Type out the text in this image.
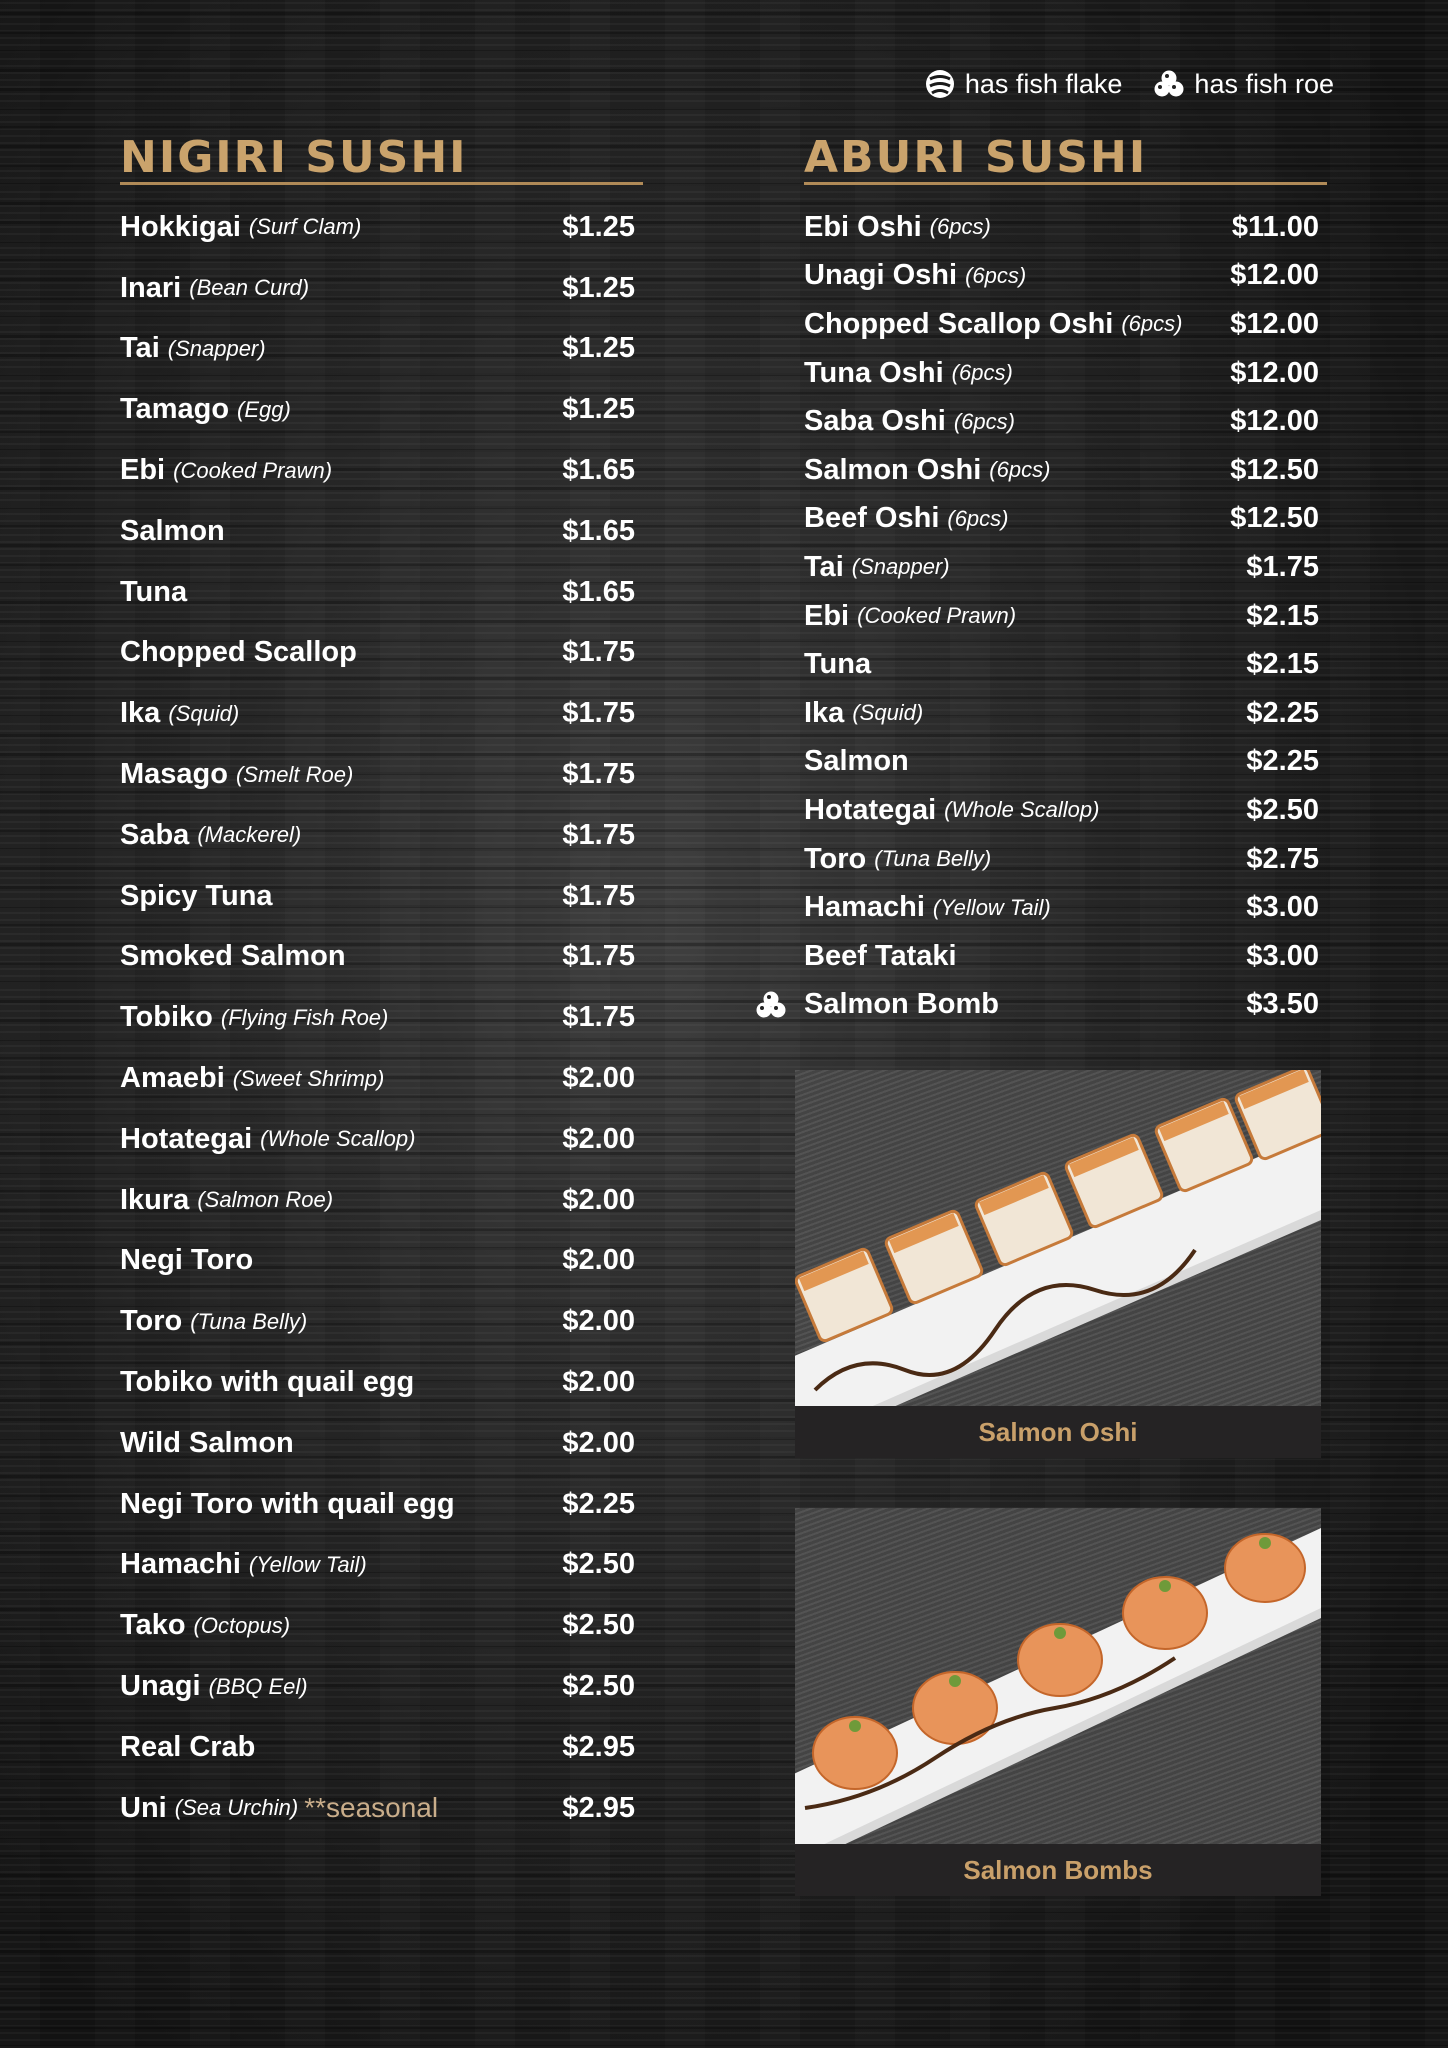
has fish flake	has fish roe
NIGIRI SUSHI
Hokkigai (Surf Clam)	$1.25
Inari (Bean Curd)	$1.25
Tai (Snapper)	$1.25
Tamago (Egg)	$1.25
Ebi (Cooked Prawn)	$1.65
Salmon	$1.65
Tuna	$1.65
Chopped Scallop	$1.75
Ika (Squid)	$1.75
Masago (Smelt Roe)	$1.75
Saba (Mackerel)	$1.75
Spicy Tuna	$1.75
Smoked Salmon	$1.75
Tobiko (Flying Fish Roe)	$1.75
Amaebi (Sweet Shrimp)	$2.00
Hotategai (Whole Scallop)	$2.00
Ikura (Salmon Roe)	$2.00
Negi Toro	$2.00
Toro (Tuna Belly)	$2.00
Tobiko with quail egg	$2.00
Wild Salmon	$2.00
Negi Toro with quail egg	$2.25
Hamachi (Yellow Tail)	$2.50
Tako (Octopus)	$2.50
Unagi (BBQ Eel)	$2.50
Real Crab	$2.95
Uni (Sea Urchin) **seasonal	$2.95
ABURI SUSHI
Ebi Oshi (6pcs)	$11.00
Unagi Oshi (6pcs)	$12.00
Chopped Scallop Oshi (6pcs) $12.00
Tuna Oshi (6pcs)	$12.00
Saba Oshi (6pcs)	$12.00
Salmon Oshi (6pcs)	$12.50
Beef Oshi (6pcs)	$12.50
Tai (Snapper)	$1.75
Ebi (Cooked Prawn)	$2.15
Tuna	$2.15
Ika (Squid)	$2.25
Salmon	$2.25
Hotategai (Whole Scallop)	$2.50
Toro (Tuna Belly)	$2.75
Hamachi (Yellow Tail)	$3.00
Beef Tataki	$3.00
Salmon Bomb	$3.50
Salmon Oshi
Salmon Bombs
